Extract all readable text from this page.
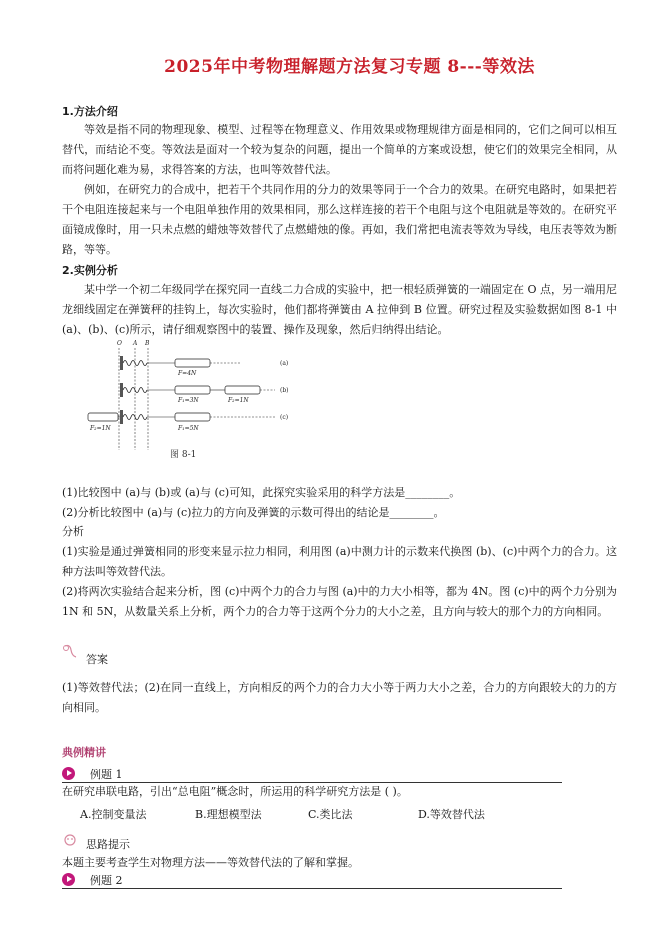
2025年中考物理解题方法复习专题 8---等效法
1.方法介绍
等效是指不同的物理现象、模型、过程等在物理意义、作用效果或物理规律方面是相同的，它们之间可以相互替代，而结论不变。等效法是面对一个较为复杂的问题，提出一个简单的方案或设想，使它们的效果完全相同，从而将问题化难为易，求得答案的方法，也叫等效替代法。
例如，在研究力的合成中，把若干个共同作用的分力的效果等同于一个合力的效果。在研究电路时，如果把若干个电阻连接起来与一个电阻单独作用的效果相同，那么这样连接的若干个电阻与这个电阻就是等效的。在研究平面镜成像时，用一只未点燃的蜡烛等效替代了点燃蜡烛的像。再如，我们常把电流表等效为导线，电压表等效为断路，等等。
2.实例分析
某中学一个初二年级同学在探究同一直线二力合成的实验中，把一根轻质弹簧的一端固定在 O 点，另一端用尼龙细线固定在弹簧秤的挂钩上，每次实验时，他们都将弹簧由 A 拉伸到 B 位置。研究过程及实验数据如图 8-1 中 (a)、(b)、(c)所示，请仔细观察图中的装置、操作及现象，然后归纳得出结论。
O A B
(a)
F=4N
(b)
F₁=3N	F₂=1N
(c)
F₂=1N	F₁=5N
图 8-1
(1)比较图中 (a)与 (b)或 (a)与 (c)可知，此探究实验采用的科学方法是________。
(2)分析比较图中 (a)与 (c)拉力的方向及弹簧的示数可得出的结论是________。
分析
(1)实验是通过弹簧相同的形变来显示拉力相同，利用图 (a)中测力计的示数来代换图 (b)、(c)中两个力的合力。这种方法叫等效替代法。
(2)将两次实验结合起来分析，图 (c)中两个力的合力与图 (a)中的力大小相等，都为 4N。图 (c)中的两个力分别为 1N 和 5N，从数量关系上分析，两个力的合力等于这两个分力的大小之差，且方向与较大的那个力的方向相同。
答案
(1)等效替代法；(2)在同一直线上，方向相反的两个力的合力大小等于两力大小之差，合力的方向跟较大的力的方向相同。
典例精讲
例题 1
在研究串联电路，引出“总电阻”概念时，所运用的科学研究方法是 ( )。
A.控制变量法	B.理想模型法	C.类比法	D.等效替代法
思路提示
本题主要考查学生对物理方法——等效替代法的了解和掌握。
例题 2
